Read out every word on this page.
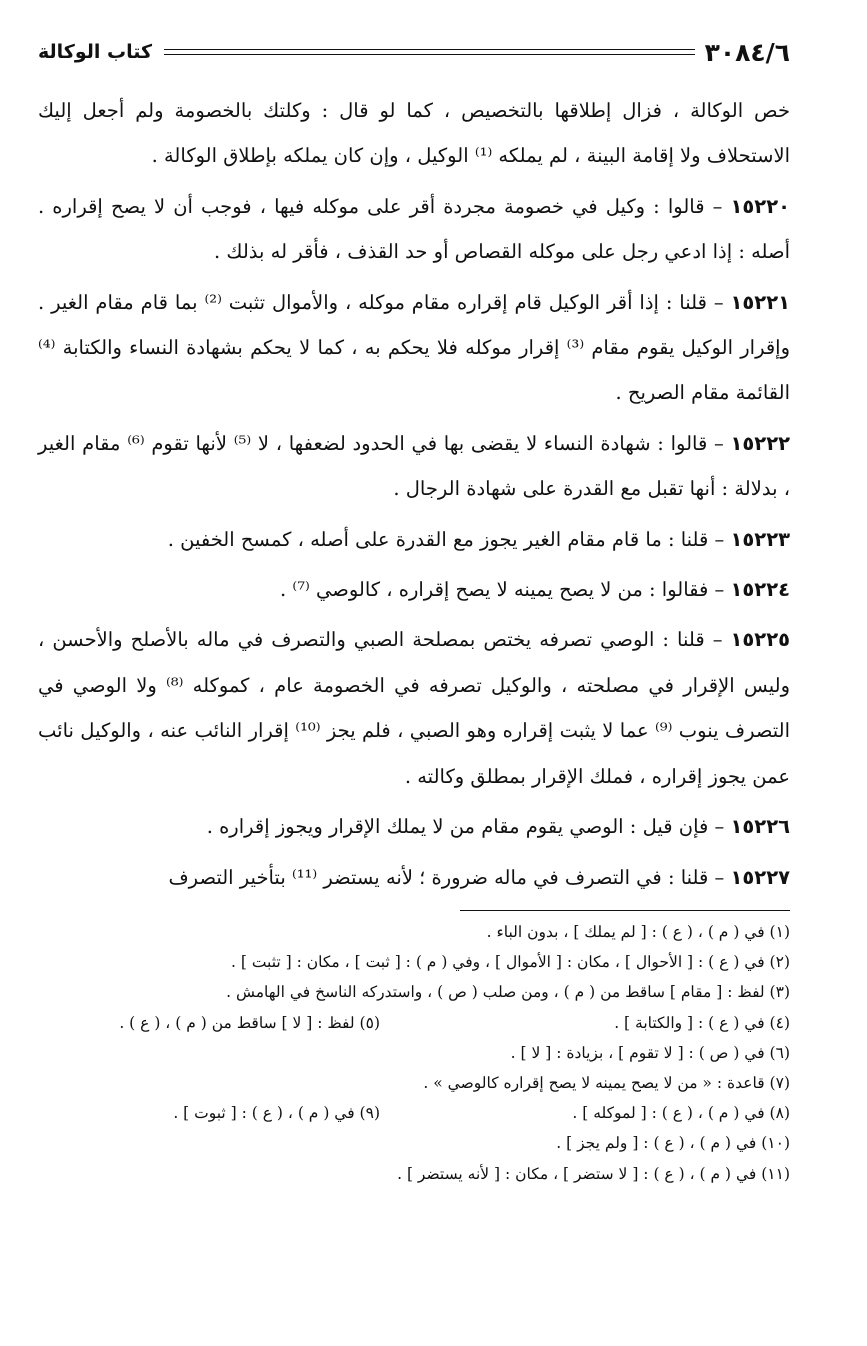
٣٠٨٤/٦
كتاب الوكالة

خص الوكالة ، فزال إطلاقها بالتخصيص ، كما لو قال : وكلتك بالخصومة ولم أجعل إليك الاستحلاف ولا إقامة البينة ، لم يملكه ⁽¹⁾ الوكيل ، وإن كان يملكه بإطلاق الوكالة .

١٥٢٢٠ – قالوا : وكيل في خصومة مجردة أقر على موكله فيها ، فوجب أن لا يصح إقراره . أصله : إذا ادعي رجل على موكله القصاص أو حد القذف ، فأقر له بذلك .

١٥٢٢١ – قلنا : إذا أقر الوكيل قام إقراره مقام موكله ، والأموال تثبت ⁽²⁾ بما قام مقام الغير . وإقرار الوكيل يقوم مقام ⁽³⁾ إقرار موكله فلا يحكم به ، كما لا يحكم بشهادة النساء والكتابة ⁽⁴⁾ القائمة مقام الصريح .

١٥٢٢٢ – قالوا : شهادة النساء لا يقضى بها في الحدود لضعفها ، لا ⁽⁵⁾ لأنها تقوم ⁽⁶⁾ مقام الغير ، بدلالة : أنها تقبل مع القدرة على شهادة الرجال .

١٥٢٢٣ – قلنا : ما قام مقام الغير يجوز مع القدرة على أصله ، كمسح الخفين .

١٥٢٢٤ – فقالوا : من لا يصح يمينه لا يصح إقراره ، كالوصي ⁽⁷⁾ .

١٥٢٢٥ – قلنا : الوصي تصرفه يختص بمصلحة الصبي والتصرف في ماله بالأصلح والأحسن ، وليس الإقرار في مصلحته ، والوكيل تصرفه في الخصومة عام ، كموكله ⁽⁸⁾ ولا الوصي في التصرف ينوب ⁽⁹⁾ عما لا يثبت إقراره وهو الصبي ، فلم يجز ⁽¹⁰⁾ إقرار النائب عنه ، والوكيل نائب عمن يجوز إقراره ، فملك الإقرار بمطلق وكالته .

١٥٢٢٦ – فإن قيل : الوصي يقوم مقام من لا يملك الإقرار ويجوز إقراره .

١٥٢٢٧ – قلنا : في التصرف في ماله ضرورة ؛ لأنه يستضر ⁽¹¹⁾ بتأخير التصرف

(١) في ( م ) ، ( ع ) : [ لم يملك ] ، بدون الباء .

(٢) في ( ع ) : [ الأحوال ] ، مكان : [ الأموال ] ، وفي ( م ) : [ ثبت ] ، مكان : [ تثبت ] .

(٣) لفظ : [ مقام ] ساقط من ( م ) ، ومن صلب ( ص ) ، واستدركه الناسخ في الهامش .

(٤) في ( ع ) : [ والكتابة ] .

(٥) لفظ : [ لا ] ساقط من ( م ) ، ( ع ) .

(٦) في ( ص ) : [ لا تقوم ] ، بزيادة : [ لا ] .

(٧) قاعدة : « من لا يصح يمينه لا يصح إقراره كالوصي » .

(٨) في ( م ) ، ( ع ) : [ لموكله ] .

(٩) في ( م ) ، ( ع ) : [ ثبوت ] .

(١٠) في ( م ) ، ( ع ) : [ ولم يجز ] .

(١١) في ( م ) ، ( ع ) : [ لا ستضر ] ، مكان : [ لأنه يستضر ] .
